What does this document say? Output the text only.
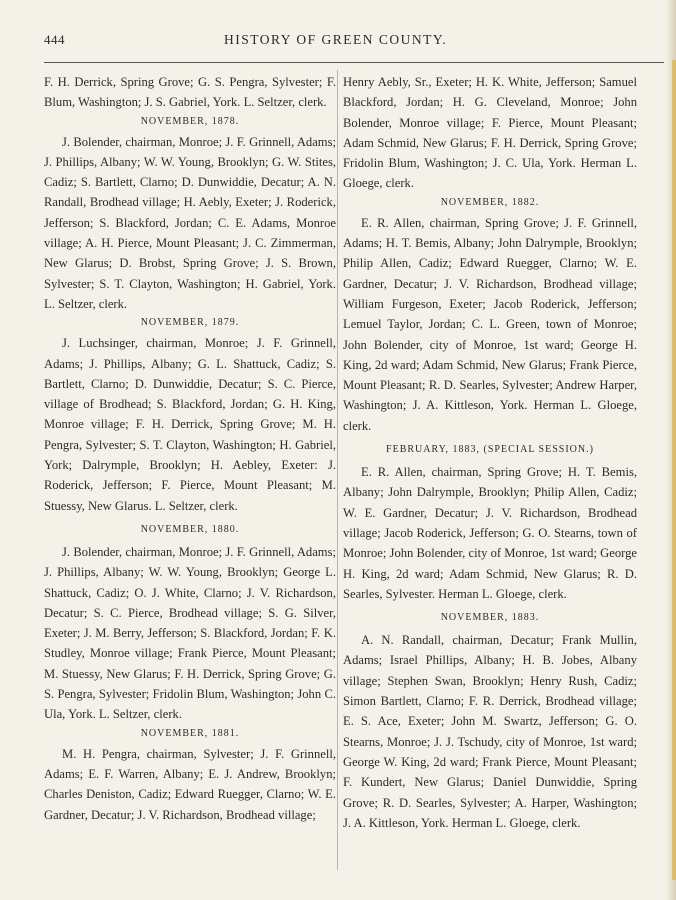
444	HISTORY OF GREEN COUNTY.

F. H. Derrick, Spring Grove; G. S. Pengra, Sylvester; F. Blum, Washington; J. S. Gabriel, York. L. Seltzer, clerk.

NOVEMBER, 1878.

J. Bolender, chairman, Monroe; J. F. Grinnell, Adams; J. Phillips, Albany; W. W. Young, Brooklyn; G. W. Stites, Cadiz; S. Bartlett, Clarno; D. Dunwiddie, Decatur; A. N. Randall, Brodhead village; H. Aebly, Exeter; J. Roderick, Jefferson; S. Blackford, Jordan; C. E. Adams, Monroe village; A. H. Pierce, Mount Pleasant; J. C. Zimmerman, New Glarus; D. Brobst, Spring Grove; J. S. Brown, Sylvester; S. T. Clayton, Washington; H. Gabriel, York. L. Seltzer, clerk.

NOVEMBER, 1879.

J. Luchsinger, chairman, Monroe; J. F. Grinnell, Adams; J. Phillips, Albany; G. L. Shattuck, Cadiz; S. Bartlett, Clarno; D. Dunwiddie, Decatur; S. C. Pierce, village of Brodhead; S. Blackford, Jordan; G. H. King, Monroe village; F. H. Derrick, Spring Grove; M. H. Pengra, Sylvester; S. T. Clayton, Washington; H. Gabriel, York; Dalrymple, Brooklyn; H. Aebley, Exeter: J. Roderick, Jefferson; F. Pierce, Mount Pleasant; M. Stuessy, New Glarus. L. Seltzer, clerk.

NOVEMBER, 1880.

J. Bolender, chairman, Monroe; J. F. Grinnell, Adams; J. Phillips, Albany; W. W. Young, Brooklyn; George L. Shattuck, Cadiz; O. J. White, Clarno; J. V. Richardson, Decatur; S. C. Pierce, Brodhead village; S. G. Silver, Exeter; J. M. Berry, Jefferson; S. Blackford, Jordan; F. K. Studley, Monroe village; Frank Pierce, Mount Pleasant; M. Stuessy, New Glarus; F. H. Derrick, Spring Grove; G. S. Pengra, Sylvester; Fridolin Blum, Washington; John C. Ula, York. L. Seltzer, clerk.

NOVEMBER, 1881.

M. H. Pengra, chairman, Sylvester; J. F. Grinnell, Adams; E. F. Warren, Albany; E. J. Andrew, Brooklyn; Charles Deniston, Cadiz; Edward Ruegger, Clarno; W. E. Gardner, Decatur; J. V. Richardson, Brodhead village;

Henry Aebly, Sr., Exeter; H. K. White, Jefferson; Samuel Blackford, Jordan; H. G. Cleveland, Monroe; John Bolender, Monroe village; F. Pierce, Mount Pleasant; Adam Schmid, New Glarus; F. H. Derrick, Spring Grove; Fridolin Blum, Washington; J. C. Ula, York. Herman L. Gloege, clerk.

NOVEMBER, 1882.

E. R. Allen, chairman, Spring Grove; J. F. Grinnell, Adams; H. T. Bemis, Albany; John Dalrymple, Brooklyn; Philip Allen, Cadiz; Edward Ruegger, Clarno; W. E. Gardner, Decatur; J. V. Richardson, Brodhead village; William Furgeson, Exeter; Jacob Roderick, Jefferson; Lemuel Taylor, Jordan; C. L. Green, town of Monroe; John Bolender, city of Monroe, 1st ward; George H. King, 2d ward; Adam Schmid, New Glarus; Frank Pierce, Mount Pleasant; R. D. Searles, Sylvester; Andrew Harper, Washington; J. A. Kittleson, York. Herman L. Gloege, clerk.

FEBRUARY, 1883, (SPECIAL SESSION.)

E. R. Allen, chairman, Spring Grove; H. T. Bemis, Albany; John Dalrymple, Brooklyn; Philip Allen, Cadiz; W. E. Gardner, Decatur; J. V. Richardson, Brodhead village; Jacob Roderick, Jefferson; G. O. Stearns, town of Monroe; John Bolender, city of Monroe, 1st ward; George H. King, 2d ward; Adam Schmid, New Glarus; R. D. Searles, Sylvester. Herman L. Gloege, clerk.

NOVEMBER, 1883.

A. N. Randall, chairman, Decatur; Frank Mullin, Adams; Israel Phillips, Albany; H. B. Jobes, Albany village; Stephen Swan, Brooklyn; Henry Rush, Cadiz; Simon Bartlett, Clarno; F. R. Derrick, Brodhead village; E. S. Ace, Exeter; John M. Swartz, Jefferson; G. O. Stearns, Monroe; J. J. Tschudy, city of Monroe, 1st ward; George W. King, 2d ward; Frank Pierce, Mount Pleasant; F. Kundert, New Glarus; Daniel Dunwiddie, Spring Grove; R. D. Searles, Sylvester; A. Harper, Washington; J. A. Kittleson, York. Herman L. Gloege, clerk.
